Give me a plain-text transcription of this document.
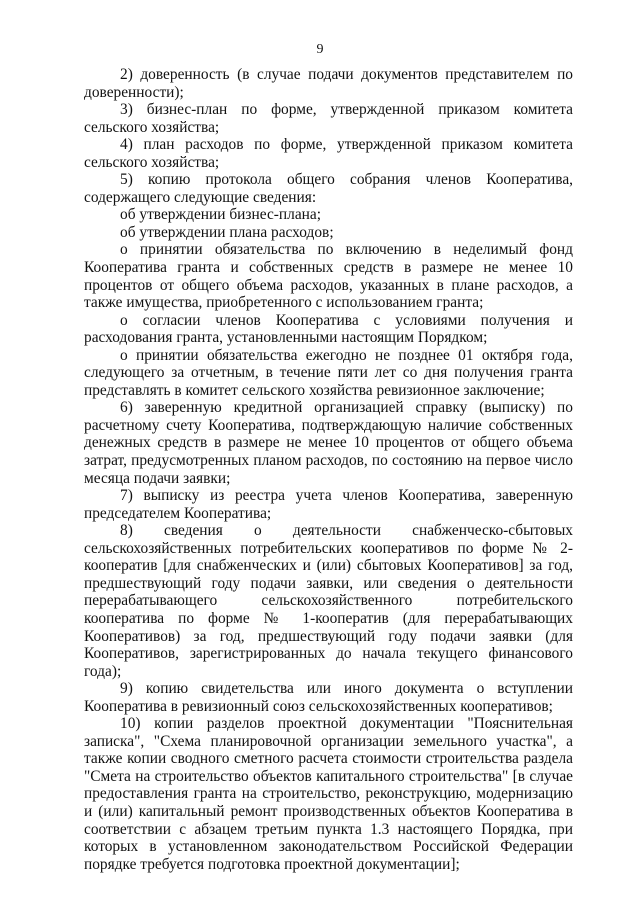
9

2) доверенность (в случае подачи документов представителем по доверенности);

3) бизнес-план по форме, утвержденной приказом комитета сельского хозяйства;

4) план расходов по форме, утвержденной приказом комитета сельского хозяйства;

5) копию протокола общего собрания членов Кооператива, содержащего следующие сведения:

об утверждении бизнес-плана;

об утверждении плана расходов;

о принятии обязательства по включению в неделимый фонд Кооператива гранта и собственных средств в размере не менее 10 процентов от общего объема расходов, указанных в плане расходов, а также имущества, приобретенного с использованием гранта;

о согласии членов Кооператива с условиями получения и расходования гранта, установленными настоящим Порядком;

о принятии обязательства ежегодно не позднее 01 октября года, следующего за отчетным, в течение пяти лет со дня получения гранта представлять в комитет сельского хозяйства ревизионное заключение;

6) заверенную кредитной организацией справку (выписку) по расчетному счету Кооператива, подтверждающую наличие собственных денежных средств в размере не менее 10 процентов от общего объема затрат, предусмотренных планом расходов, по состоянию на первое число месяца подачи заявки;

7) выписку из реестра учета членов Кооператива, заверенную председателем Кооператива;

8) сведения о деятельности снабженческо-сбытовых сельскохозяйственных потребительских кооперативов по форме № 2-кооператив [для снабженческих и (или) сбытовых Кооперативов] за год, предшествующий году подачи заявки, или сведения о деятельности перерабатывающего сельскохозяйственного потребительского кооператива по форме № 1-кооператив (для перерабатывающих Кооперативов) за год, предшествующий году подачи заявки (для Кооперативов, зарегистрированных до начала текущего финансового года);

9) копию свидетельства или иного документа о вступлении Кооператива в ревизионный союз сельскохозяйственных кооперативов;

10) копии разделов проектной документации "Пояснительная записка", "Схема планировочной организации земельного участка", а также копии сводного сметного расчета стоимости строительства раздела "Смета на строительство объектов капитального строительства" [в случае предоставления гранта на строительство, реконструкцию, модернизацию и (или) капитальный ремонт производственных объектов Кооператива в соответствии с абзацем третьим пункта 1.3 настоящего Порядка, при которых в установленном законодательством Российской Федерации порядке требуется подготовка проектной документации];
